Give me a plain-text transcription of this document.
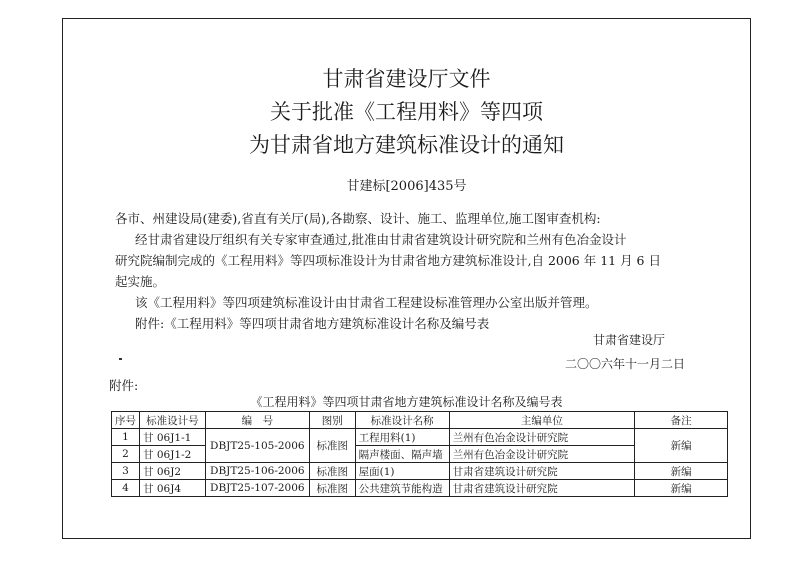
甘肃省建设厅文件
关于批准《工程用料》等四项
为甘肃省地方建筑标准设计的通知
甘建标[2006]435号
各市、州建设局(建委),省直有关厅(局),各勘察、设计、施工、监理单位,施工图审查机构:
经甘肃省建设厅组织有关专家审查通过,批准由甘肃省建筑设计研究院和兰州有色冶金设计
研究院编制完成的《工程用料》等四项标准设计为甘肃省地方建筑标准设计,自 2006 年 11 月 6 日
起实施。
该《工程用料》等四项建筑标准设计由甘肃省工程建设标准管理办公室出版并管理。
附件:《工程用料》等四项甘肃省地方建筑标准设计名称及编号表
甘肃省建设厅
二〇〇六年十一月二日
附件:
《工程用料》等四项甘肃省地方建筑标准设计名称及编号表
序号	标准设计号	编　号	图别	标准设计名称	主编单位	备注
1	甘 06J1-1	DBJT25-105-2006	标准图	工程用料(1)	兰州有色冶金设计研究院	新编
2	甘 06J1-2			隔声楼面、隔声墙	兰州有色冶金设计研究院	
3	甘 06J2	DBJT25-106-2006	标准图	屋面(1)	甘肃省建筑设计研究院	新编
4	甘 06J4	DBJT25-107-2006	标准图	公共建筑节能构造	甘肃省建筑设计研究院	新编
